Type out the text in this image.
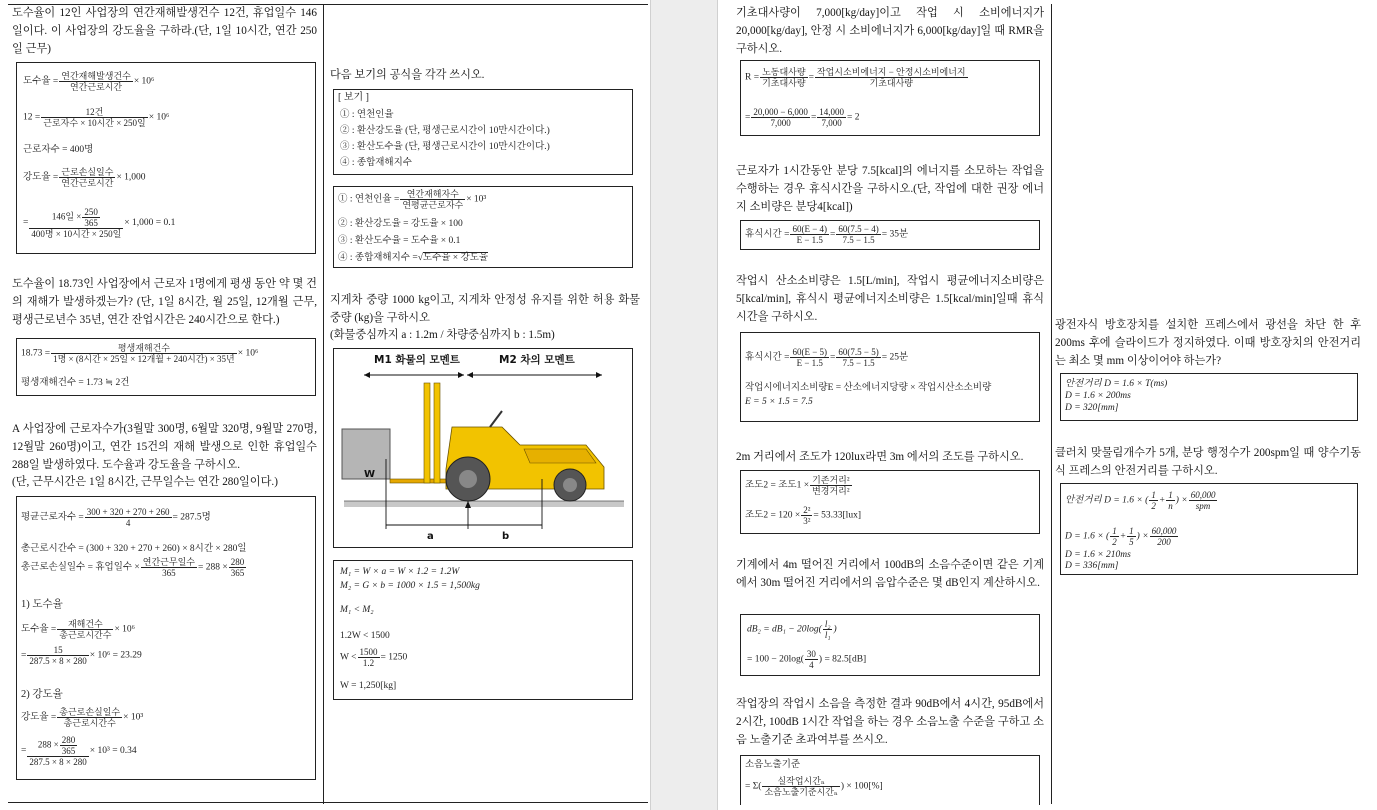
도수율이 12인 사업장의 연간재해발생건수 12건, 휴업일수 146일이다. 이 사업장의 강도율을 구하라.(단, 1일 10시간, 연간 250일 근무)
도수율 = $\frac{\text{연간재해발생건수}}{\text{연간근로시간}} \times 10^6$
$12 = \frac{\text{12건}}{\text{근로자수 × 10시간 × 250일}} \times 10^6$
근로자수 = 400명
강도율 = $\frac{\text{근로손실일수}}{\text{연간근로시간}} \times 1,000$
= $\frac{146일 \times \frac{250}{365}}{\text{400명 × 10시간 × 250일}} \times 1,000 = 0.1$
도수율이 18.73인 사업장에서 근로자 1명에게 평생 동안 약 몇 건의 재해가 발생하겠는가? (단, 1일 8시간, 월 25일, 12개월 근무, 평생근로년수 35년, 연간 잔업시간은 240시간으로 한다.)
$18.73 = \frac{\text{평생재해건수}}{\text{1명 × (8시간 × 25일 × 12개월 + 240시간) × 35년}} \times 10^6$
평생재해건수 = 1.73 ≒ 2건
A 사업장에 근로자수가(3월말 300명, 6월말 320명, 9월말 270명, 12월말 260명)이고, 연간 15건의 재해 발생으로 인한 휴업일수 288일 발생하였다. 도수율과 강도율을 구하시오.
(단, 근무시간은 1일 8시간, 근무일수는 연간 280일이다.)
평균근로자수 = $\frac{300 + 320 + 270 + 260}{4} = 287.5$명
총근로시간수 = (300 + 320 + 270 + 260) × 8시간 × 280일
총근로손실일수 = 휴업일수 × $\frac{\text{연간근무일수}}{365} = 288 \times \frac{280}{365}$
1) 도수율
도수율 = $\frac{\text{재해건수}}{\text{총근로시간수}} \times 10^6$
= $\frac{15}{287.5 \times 8 \times 280} \times 10^6 = 23.29$
2) 강도율
강도율 = $\frac{\text{총근로손실일수}}{\text{총근로시간수}} \times 10^3$
= $\frac{288 \times \frac{280}{365}}{287.5 \times 8 \times 280} \times 10^3 = 0.34$
다음 보기의 공식을 각각 쓰시오.
[ 보기 ]
① : 연천인율
② : 환산강도율 (단, 평생근로시간이 10만시간이다.)
③ : 환산도수율 (단, 평생근로시간이 10만시간이다.)
④ : 종합재해지수
① : 연천인율 = $\frac{\text{연간재해자수}}{\text{연평균근로자수}} \times 10^3$
② : 환산강도율 = 강도율 × 100
③ : 환산도수율 = 도수율 × 0.1
④ : 종합재해지수 =√도수율 × 강도율
지게차 중량 1000 kg이고, 지게차 안정성 유지를 위한 허용 화물중량 (kg)을 구하시오
(화물중심까지 a : 1.2m / 차량중심까지 b : 1.5m)
M1 화물의 모멘트	M2 차의 모멘트
W
a	b
M₁ = W × a = W × 1.2 = 1.2W
M₂ = G × b = 1000 × 1.5 = 1,500kg
M₁ < M₂
1.2W < 1500
$W < \frac{1500}{1.2} = 1250$
W = 1,250[kg]
기초대사량이 7,000[kg/day]이고 작업 시 소비에너지가 20,000[kg/day], 안정 시 소비에너지가 6,000[kg/day]일 때 RMR을 구하시오.
$R = \frac{\text{노동대사량}}{\text{기초대사량}} = \frac{\text{작업시소비에너지 − 안정시소비에너지}}{\text{기초대사량}}$
= $\frac{20,000 - 6,000}{7,000} = \frac{14,000}{7,000} = 2$
근로자가 1시간동안 분당 7.5[kcal]의 에너지를 소모하는 작업을 수행하는 경우 휴식시간을 구하시오.(단, 작업에 대한 권장 에너지 소비량은 분당4[kcal])
휴식시간 = $\frac{60(E - 4)}{E - 1.5} = \frac{60(7.5 - 4)}{7.5 - 1.5} = 35$분
작업시 산소소비량은 1.5[L/min], 작업시 평균에너지소비량은 5[kcal/min], 휴식시 평균에너지소비량은 1.5[kcal/min]일때 휴식시간을 구하시오.
휴식시간 = $\frac{60(E - 5)}{E - 1.5} = \frac{60(7.5 - 5)}{7.5 - 1.5} = 25$분
작업시에너지소비량E = 산소에너지당량 × 작업시산소소비량
E = 5 × 1.5 = 7.5
2m 거리에서 조도가 120lux라면 3m 에서의 조도를 구하시오.
조도2 = 조도$1 \times \frac{\text{기존거리²}}{\text{변경거리²}}$
조도$2 = 120 \times \frac{\text{2²}}{\text{3²}} = 53.33[lux]$
기계에서 4m 떨어진 거리에서 100dB의 소음수준이면 같은 기계에서 30m 떨어진 거리에서의 음압수준은 몇 dB인지 계산하시오.
$dB_2 = dB_1 - 20\log( \frac{\text{l₂}}{\text{l₁}}$ )
= $100 - 20\log( \frac{30}{4}$ ) = 82.5[dB]
작업장의 작업시 소음을 측정한 결과 90dB에서 4시간, 95dB에서 2시간, 100dB 1시간 작업을 하는 경우 소음노출 수준을 구하고 소음 노출기준 초과여부를 쓰시오.
소음노출기준
= $\Sigma( \frac{\text{실작업시간ₙ}}{\text{소음노출기준시간ₙ}}$ ) × 100[%]
광전자식 방호장치를 설치한 프레스에서 광선을 차단 한 후 200ms 후에 슬라이드가 정지하였다. 이때 방호장치의 안전거리는 최소 몇 mm 이상이어야 하는가?
안전거리 D = 1.6 × T(ms)
D = 1.6 × 200ms
D = 320[mm]
클러치 맞물림개수가 5개, 분당 행정수가 200spm일 때 양수기동식 프레스의 안전거리를 구하시오.
안전거리 D = 1.6 × ( $\frac{1}{2} + \frac{1}{n}$ ) × $\frac{60,000}{\text{spm}}$
D = 1.6 × ( $\frac{1}{2} + \frac{1}{5}$ ) × $\frac{60,000}{200}$
D = 1.6 × 210ms
D = 336[mm]
